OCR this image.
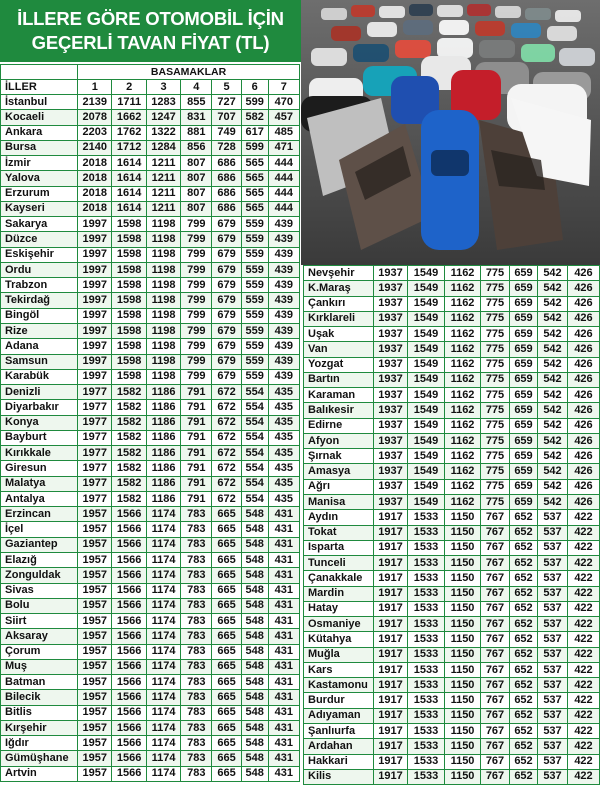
İLLERE GÖRE OTOMOBİL İÇİN
GEÇERLİ TAVAN FİYAT (TL)
	BASAMAKLAR						
İLLER	1	2	3	4	5	6	7
İstanbul	2139	1711	1283	855	727	599	470
Kocaeli	2078	1662	1247	831	707	582	457
Ankara	2203	1762	1322	881	749	617	485
Bursa	2140	1712	1284	856	728	599	471
İzmir	2018	1614	1211	807	686	565	444
Yalova	2018	1614	1211	807	686	565	444
Erzurum	2018	1614	1211	807	686	565	444
Kayseri	2018	1614	1211	807	686	565	444
Sakarya	1997	1598	1198	799	679	559	439
Düzce	1997	1598	1198	799	679	559	439
Eskişehir	1997	1598	1198	799	679	559	439
Ordu	1997	1598	1198	799	679	559	439
Trabzon	1997	1598	1198	799	679	559	439
Tekirdağ	1997	1598	1198	799	679	559	439
Bingöl	1997	1598	1198	799	679	559	439
Rize	1997	1598	1198	799	679	559	439
Adana	1997	1598	1198	799	679	559	439
Samsun	1997	1598	1198	799	679	559	439
Karabük	1997	1598	1198	799	679	559	439
Denizli	1977	1582	1186	791	672	554	435
Diyarbakır	1977	1582	1186	791	672	554	435
Konya	1977	1582	1186	791	672	554	435
Bayburt	1977	1582	1186	791	672	554	435
Kırıkkale	1977	1582	1186	791	672	554	435
Giresun	1977	1582	1186	791	672	554	435
Malatya	1977	1582	1186	791	672	554	435
Antalya	1977	1582	1186	791	672	554	435
Erzincan	1957	1566	1174	783	665	548	431
İçel	1957	1566	1174	783	665	548	431
Gaziantep	1957	1566	1174	783	665	548	431
Elazığ	1957	1566	1174	783	665	548	431
Zonguldak	1957	1566	1174	783	665	548	431
Sivas	1957	1566	1174	783	665	548	431
Bolu	1957	1566	1174	783	665	548	431
Siirt	1957	1566	1174	783	665	548	431
Aksaray	1957	1566	1174	783	665	548	431
Çorum	1957	1566	1174	783	665	548	431
Muş	1957	1566	1174	783	665	548	431
Batman	1957	1566	1174	783	665	548	431
Bilecik	1957	1566	1174	783	665	548	431
Bitlis	1957	1566	1174	783	665	548	431
Kırşehir	1957	1566	1174	783	665	548	431
Iğdır	1957	1566	1174	783	665	548	431
Gümüşhane	1957	1566	1174	783	665	548	431
Artvin	1957	1566	1174	783	665	548	431
Nevşehir	1937	1549	1162	775	659	542	426
K.Maraş	1937	1549	1162	775	659	542	426
Çankırı	1937	1549	1162	775	659	542	426
Kırklareli	1937	1549	1162	775	659	542	426
Uşak	1937	1549	1162	775	659	542	426
Van	1937	1549	1162	775	659	542	426
Yozgat	1937	1549	1162	775	659	542	426
Bartın	1937	1549	1162	775	659	542	426
Karaman	1937	1549	1162	775	659	542	426
Balıkesir	1937	1549	1162	775	659	542	426
Edirne	1937	1549	1162	775	659	542	426
Afyon	1937	1549	1162	775	659	542	426
Şırnak	1937	1549	1162	775	659	542	426
Amasya	1937	1549	1162	775	659	542	426
Ağrı	1937	1549	1162	775	659	542	426
Manisa	1937	1549	1162	775	659	542	426
Aydın	1917	1533	1150	767	652	537	422
Tokat	1917	1533	1150	767	652	537	422
Isparta	1917	1533	1150	767	652	537	422
Tunceli	1917	1533	1150	767	652	537	422
Çanakkale	1917	1533	1150	767	652	537	422
Mardin	1917	1533	1150	767	652	537	422
Hatay	1917	1533	1150	767	652	537	422
Osmaniye	1917	1533	1150	767	652	537	422
Kütahya	1917	1533	1150	767	652	537	422
Muğla	1917	1533	1150	767	652	537	422
Kars	1917	1533	1150	767	652	537	422
Kastamonu	1917	1533	1150	767	652	537	422
Burdur	1917	1533	1150	767	652	537	422
Adıyaman	1917	1533	1150	767	652	537	422
Şanlıurfa	1917	1533	1150	767	652	537	422
Ardahan	1917	1533	1150	767	652	537	422
Hakkari	1917	1533	1150	767	652	537	422
Kilis	1917	1533	1150	767	652	537	422
